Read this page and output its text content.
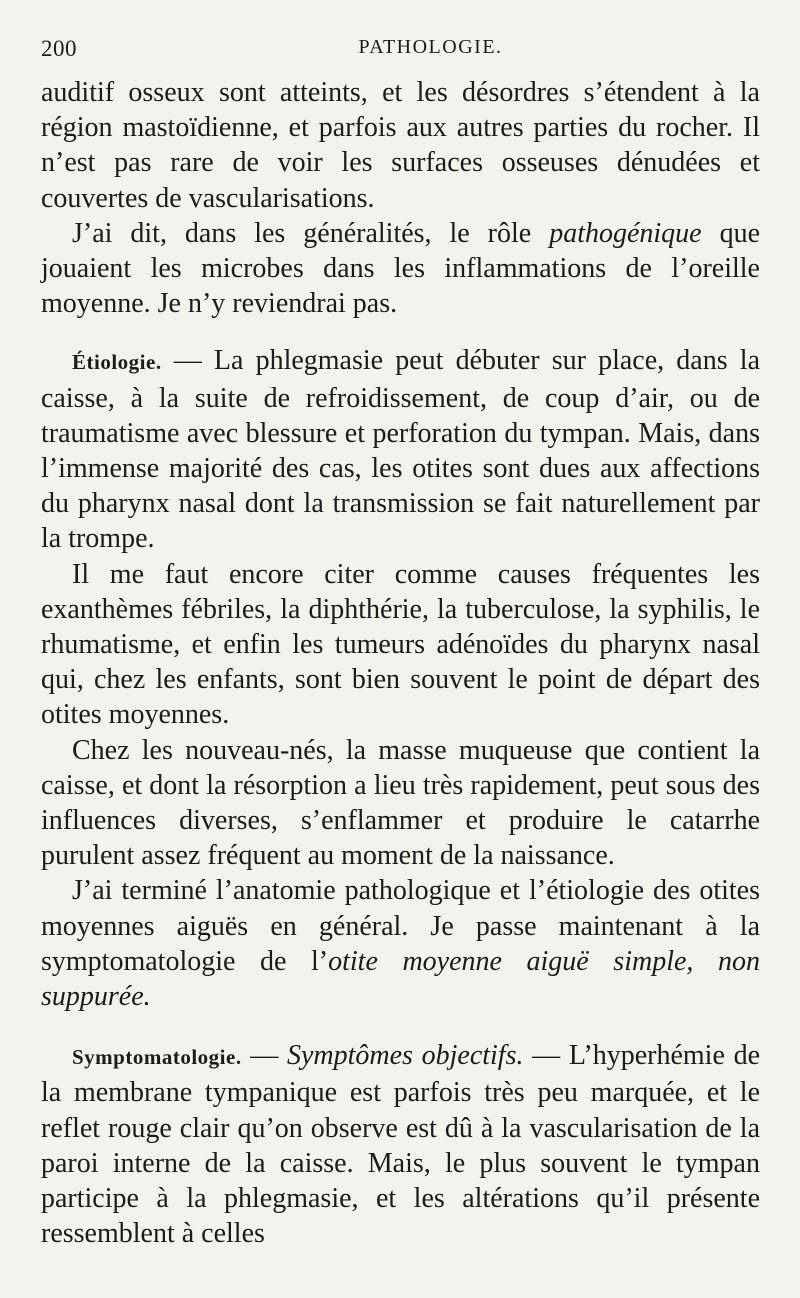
200	PATHOLOGIE.

auditif osseux sont atteints, et les désordres s’étendent à la région mastoïdienne, et parfois aux autres parties du rocher. Il n’est pas rare de voir les surfaces osseuses dénudées et couvertes de vascularisations.

J’ai dit, dans les généralités, le rôle pathogénique que jouaient les microbes dans les inflammations de l’oreille moyenne. Je n’y reviendrai pas.

Étiologie. — La phlegmasie peut débuter sur place, dans la caisse, à la suite de refroidissement, de coup d’air, ou de traumatisme avec blessure et perforation du tympan. Mais, dans l’immense majorité des cas, les otites sont dues aux affections du pharynx nasal dont la transmission se fait naturellement par la trompe.

Il me faut encore citer comme causes fréquentes les exanthèmes fébriles, la diphthérie, la tuberculose, la syphilis, le rhumatisme, et enfin les tumeurs adénoïdes du pharynx nasal qui, chez les enfants, sont bien souvent le point de départ des otites moyennes.

Chez les nouveau-nés, la masse muqueuse que contient la caisse, et dont la résorption a lieu très rapidement, peut sous des influences diverses, s’enflammer et produire le catarrhe purulent assez fréquent au moment de la naissance.

J’ai terminé l’anatomie pathologique et l’étiologie des otites moyennes aiguës en général. Je passe maintenant à la symptomatologie de l’otite moyenne aiguë simple, non suppurée.

Symptomatologie. — Symptômes objectifs. — L’hyperhémie de la membrane tympanique est parfois très peu marquée, et le reflet rouge clair qu’on observe est dû à la vascularisation de la paroi interne de la caisse. Mais, le plus souvent le tympan participe à la phlegmasie, et les altérations qu’il présente ressemblent à celles
